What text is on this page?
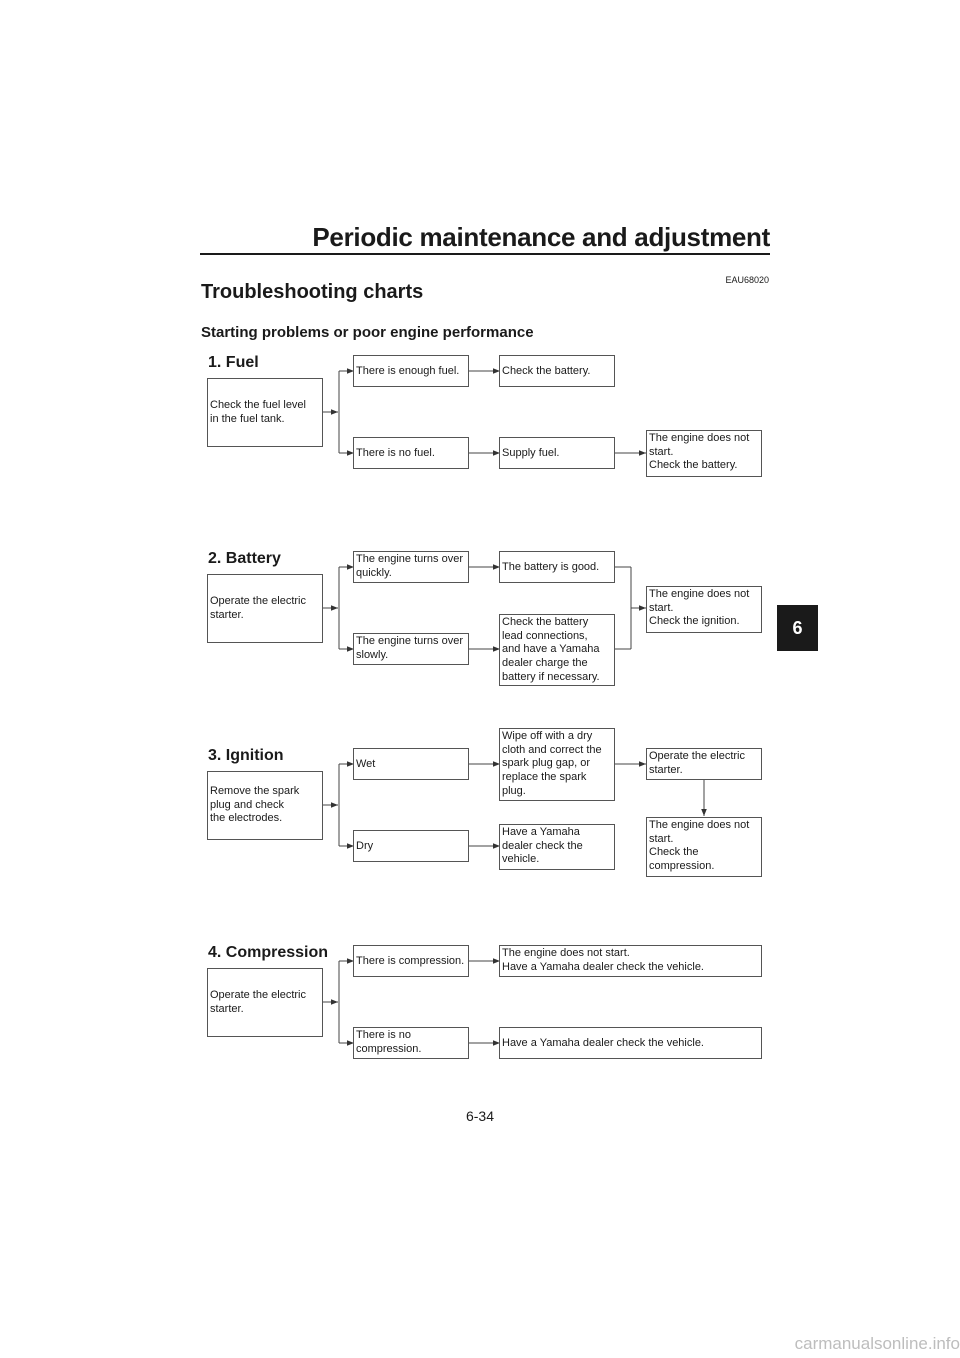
Periodic maintenance and adjustment
EAU68020
Troubleshooting charts
Starting problems or poor engine performance
6
1. Fuel
Check the fuel level
in the fuel tank.
There is enough fuel.
There is no fuel.
Check the battery.
Supply fuel.
The engine does not
start.
Check the battery.
2. Battery
Operate the electric
starter.
The engine turns over
quickly.
The engine turns over
slowly.
The battery is good.
Check the battery
lead connections,
and have a Yamaha
dealer charge the
battery if necessary.
The engine does not
start.
Check the ignition.
3. Ignition
Remove the spark
plug and check
the electrodes.
Wet
Dry
Wipe off with a dry
cloth and correct the
spark plug gap, or
replace the spark
plug.
Have a Yamaha
dealer check the
vehicle.
Operate the electric
starter.
The engine does not
start.
Check the
compression.
4. Compression
Operate the electric
starter.
There is compression.
There is no
compression.
The engine does not start.
Have a Yamaha dealer check the vehicle.
Have a Yamaha dealer check the vehicle.
6-34
carmanualsonline.info
